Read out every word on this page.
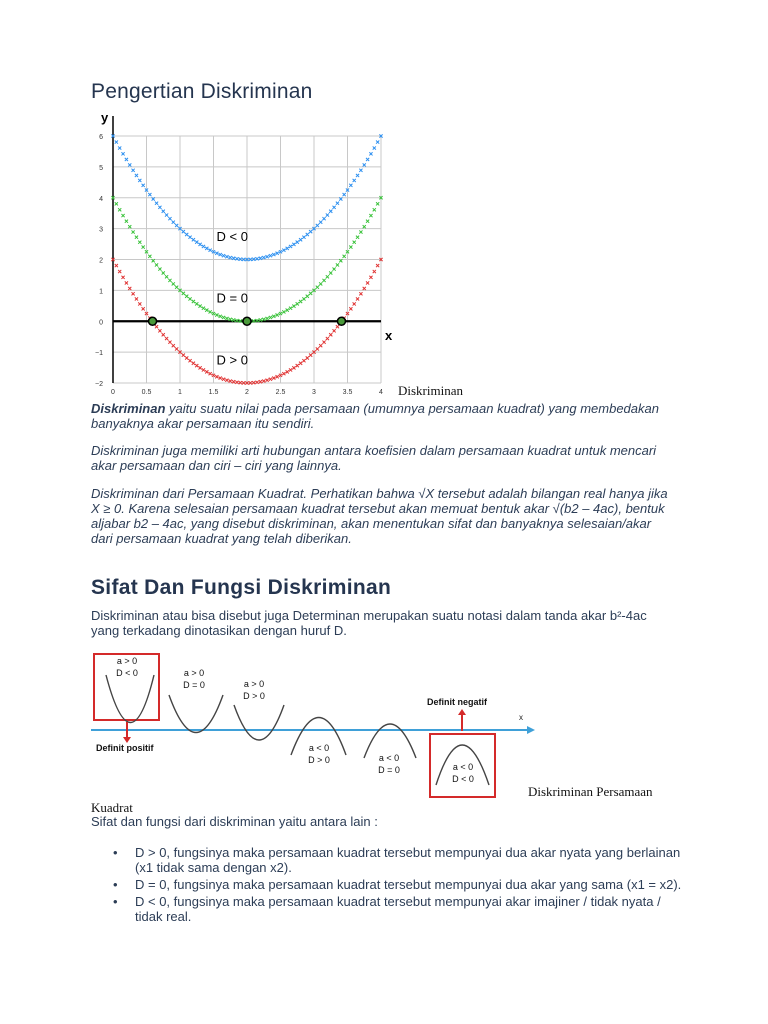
Pengertian Diskriminan
6
5
4
3
2
1
0
−1
−2
0	0.5	1	1.5	2	2.5	3	3.5	4
D < 0
D = 0
D > 0
y
x
Diskriminan

Diskriminan yaitu suatu nilai pada persamaan (umumnya persamaan kuadrat) yang membedakan banyaknya akar persamaan itu sendiri.

Diskriminan juga memiliki arti hubungan antara koefisien dalam persamaan kuadrat untuk mencari akar persamaan dan ciri – ciri yang lainnya.

Diskriminan dari Persamaan Kuadrat. Perhatikan bahwa √X tersebut adalah bilangan real hanya jika X ≥ 0. Karena selesaian persamaan kuadrat tersebut akan memuat bentuk akar √(b2 – 4ac), bentuk aljabar b2 – 4ac, yang disebut diskriminan, akan menentukan sifat dan banyaknya selesaian/akar dari persamaan kuadrat yang telah diberikan.

Sifat Dan Fungsi Diskriminan

Diskriminan atau bisa disebut juga Determinan merupakan suatu notasi dalam tanda akar b²-4ac yang terkadang dinotasikan dengan huruf D.

x
a > 0
D < 0	a > 0
D = 0	a > 0
D > 0
a < 0
D > 0	a < 0
D = 0	a < 0
D < 0
Definit positif
Definit negatif
Diskriminan Persamaan
Kuadrat

Sifat dan fungsi dari diskriminan yaitu antara lain :

• D > 0, fungsinya maka persamaan kuadrat tersebut mempunyai dua akar nyata yang berlainan (x1 tidak sama dengan x2).
• D = 0, fungsinya maka persamaan kuadrat tersebut mempunyai dua akar yang sama (x1 = x2).
• D < 0, fungsinya maka persamaan kuadrat tersebut mempunyai akar imajiner / tidak nyata / tidak real.
